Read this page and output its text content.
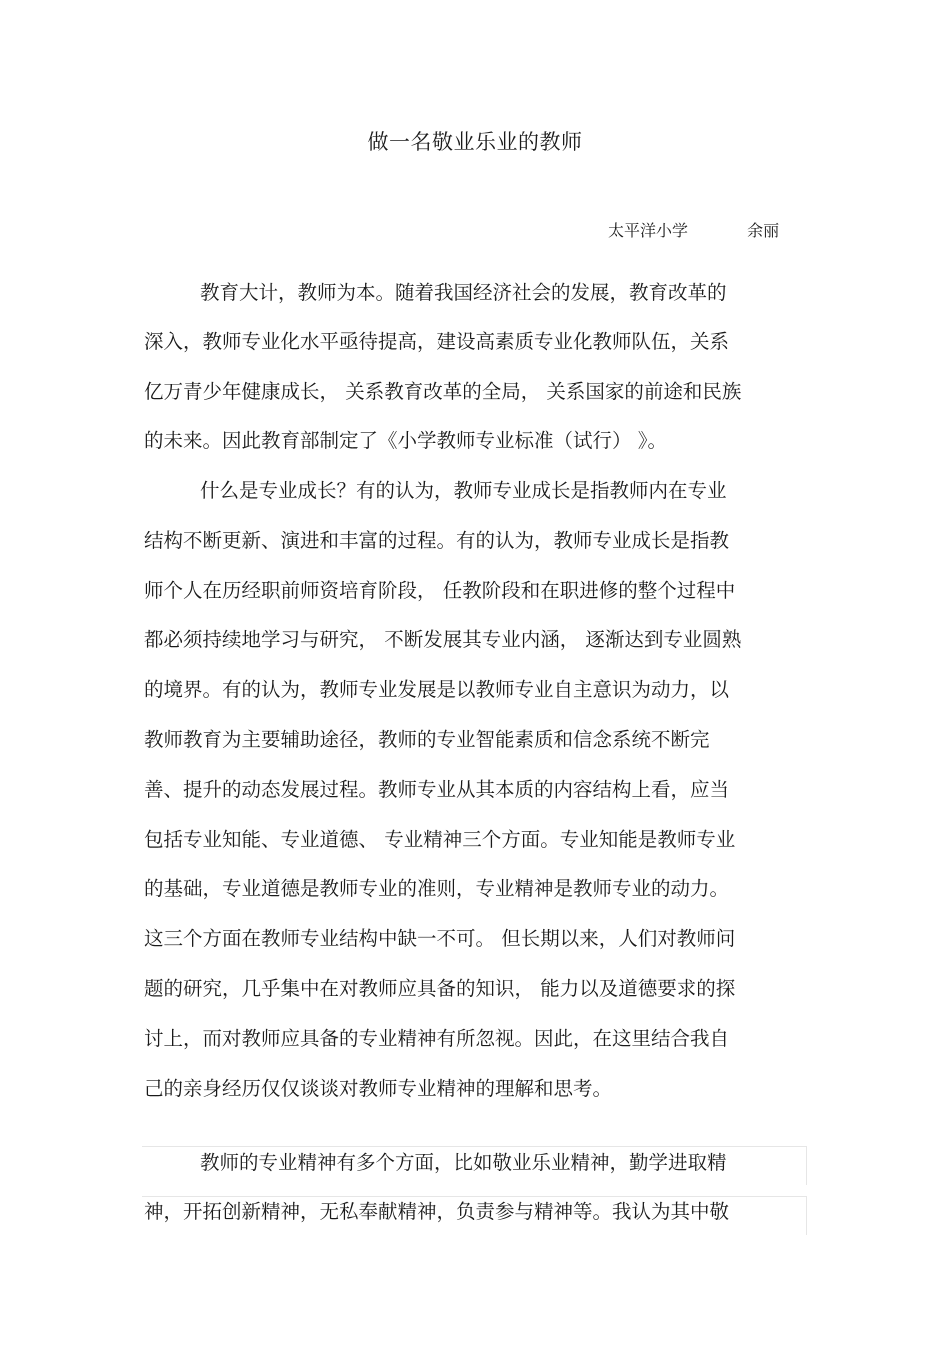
做一名敬业乐业的教师
太平洋小学	余丽
教育大计，教师为本。随着我国经济社会的发展，教育改革的
深入，教师专业化水平亟待提高，建设高素质专业化教师队伍，关系
亿万青少年健康成长， 关系教育改革的全局， 关系国家的前途和民族
的未来。因此教育部制定了《小学教师专业标准（试行） 》。
什么是专业成长？有的认为，教师专业成长是指教师内在专业
结构不断更新、演进和丰富的过程。有的认为，教师专业成长是指教
师个人在历经职前师资培育阶段， 任教阶段和在职进修的整个过程中
都必须持续地学习与研究， 不断发展其专业内涵， 逐渐达到专业圆熟
的境界。有的认为，教师专业发展是以教师专业自主意识为动力，以
教师教育为主要辅助途径，教师的专业智能素质和信念系统不断完
善、提升的动态发展过程。教师专业从其本质的内容结构上看，应当
包括专业知能、专业道德、 专业精神三个方面。专业知能是教师专业
的基础，专业道德是教师专业的准则，专业精神是教师专业的动力。
这三个方面在教师专业结构中缺一不可。 但长期以来，人们对教师问
题的研究，几乎集中在对教师应具备的知识， 能力以及道德要求的探
讨上，而对教师应具备的专业精神有所忽视。因此，在这里结合我自
己的亲身经历仅仅谈谈对教师专业精神的理解和思考。
教师的专业精神有多个方面，比如敬业乐业精神，勤学进取精
神，开拓创新精神，无私奉献精神，负责参与精神等。我认为其中敬
